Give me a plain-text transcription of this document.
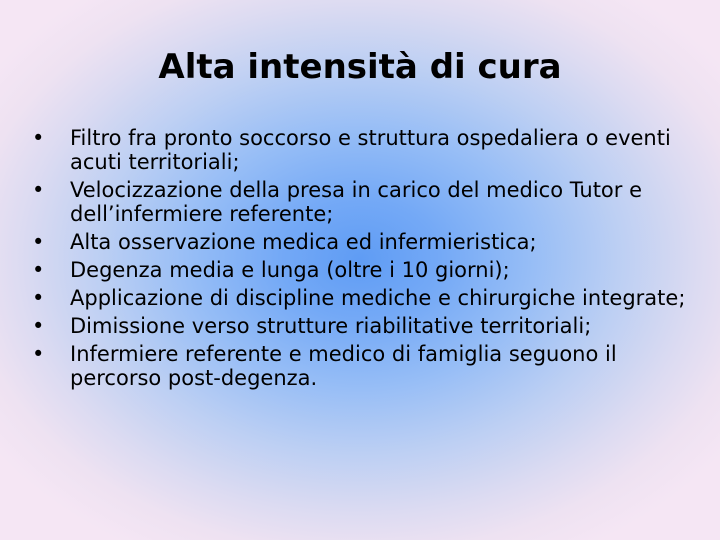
Alta intensità di cura
•	Filtro fra pronto soccorso e struttura ospedaliera o eventi acuti territoriali;
•	Velocizzazione della presa in carico del medico Tutor e dell’infermiere referente;
•	Alta osservazione medica ed infermieristica;
•	Degenza media e lunga (oltre i 10 giorni);
•	Applicazione di discipline mediche e chirurgiche integrate;
•	Dimissione verso strutture riabilitative territoriali;
•	Infermiere referente e medico di famiglia seguono il percorso post-degenza.
